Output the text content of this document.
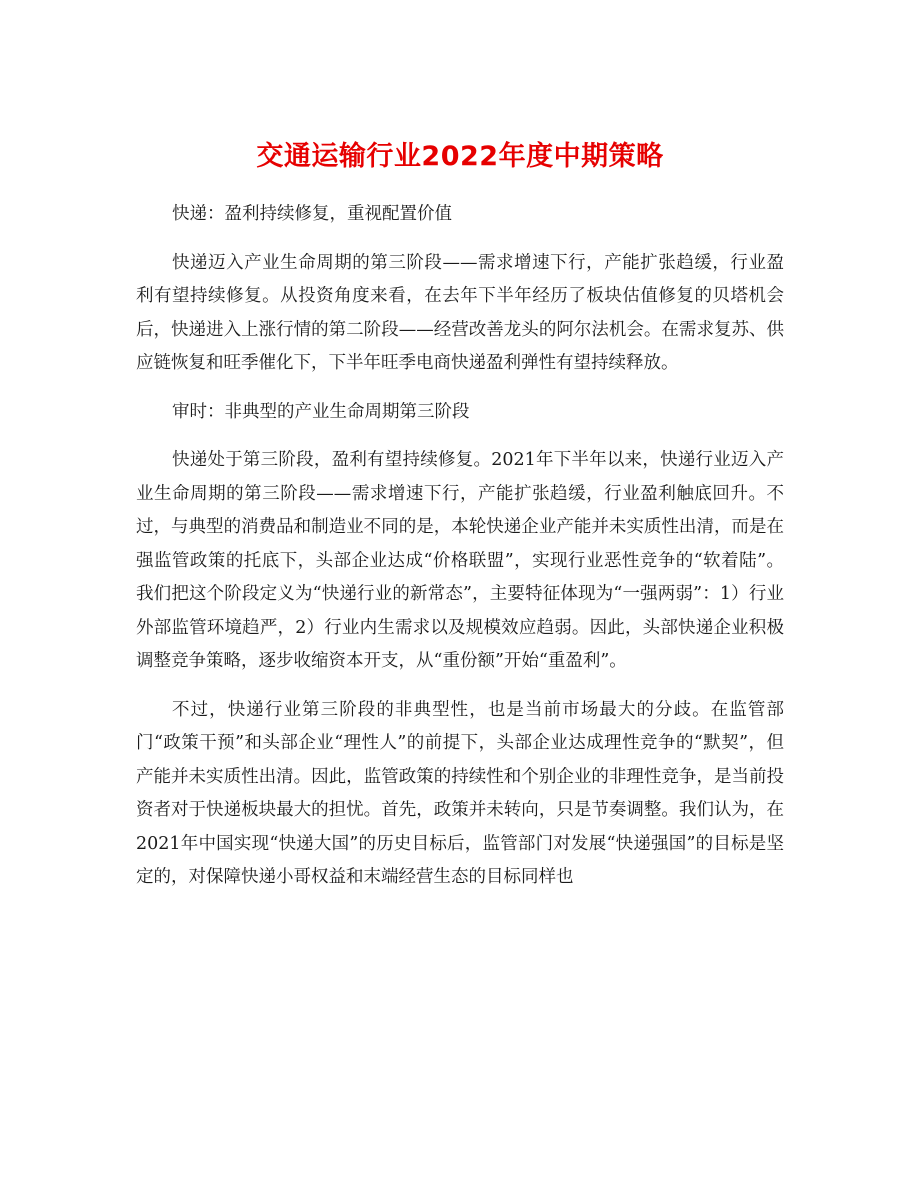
交通运输行业2022年度中期策略

快递：盈利持续修复，重视配置价值

快递迈入产业生命周期的第三阶段——需求增速下行，产能扩张趋缓，行业盈利有望持续修复。从投资角度来看，在去年下半年经历了板块估值修复的贝塔机会后，快递进入上涨行情的第二阶段——经营改善龙头的阿尔法机会。在需求复苏、供应链恢复和旺季催化下，下半年旺季电商快递盈利弹性有望持续释放。

审时：非典型的产业生命周期第三阶段

快递处于第三阶段，盈利有望持续修复。2021年下半年以来，快递行业迈入产业生命周期的第三阶段——需求增速下行，产能扩张趋缓，行业盈利触底回升。不过，与典型的消费品和制造业不同的是，本轮快递企业产能并未实质性出清，而是在强监管政策的托底下，头部企业达成“价格联盟”，实现行业恶性竞争的“软着陆”。我们把这个阶段定义为“快递行业的新常态”，主要特征体现为“一强两弱”：1）行业外部监管环境趋严，2）行业内生需求以及规模效应趋弱。因此，头部快递企业积极调整竞争策略，逐步收缩资本开支，从“重份额”开始“重盈利”。

不过，快递行业第三阶段的非典型性，也是当前市场最大的分歧。在监管部门“政策干预”和头部企业“理性人”的前提下，头部企业达成理性竞争的“默契”，但产能并未实质性出清。因此，监管政策的持续性和个别企业的非理性竞争，是当前投资者对于快递板块最大的担忧。首先，政策并未转向，只是节奏调整。我们认为，在2021年中国实现“快递大国”的历史目标后，监管部门对发展“快递强国”的目标是坚定的，对保障快递小哥权益和末端经营生态的目标同样也
